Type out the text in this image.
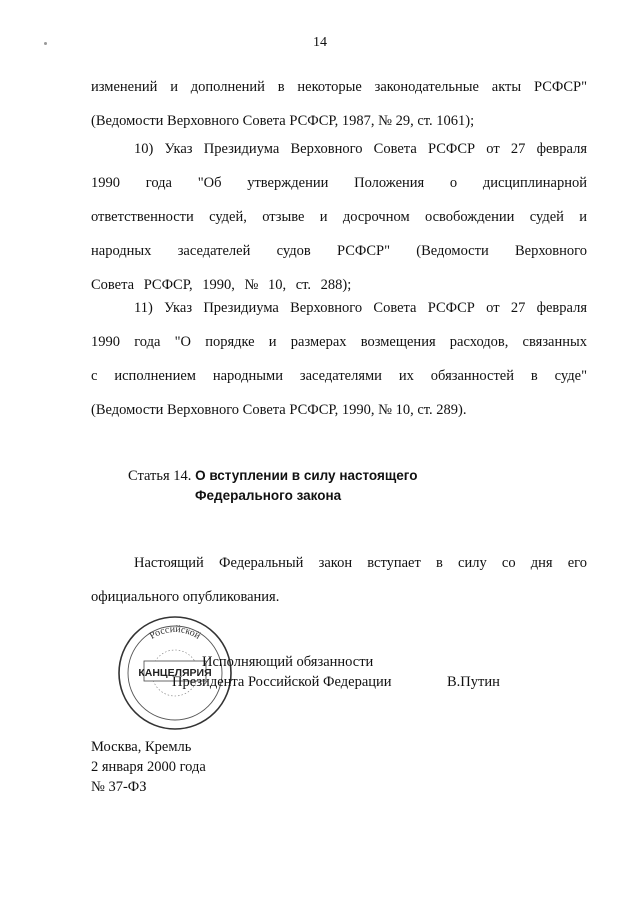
14
изменений и дополнений в некоторые законодательные акты РСФСР"
(Ведомости Верховного Совета РСФСР, 1987, № 29, ст. 1061);
10) Указ Президиума Верховного Совета РСФСР от 27 февраля
1990 года "Об утверждении Положения о дисциплинарной
ответственности судей, отзыве и досрочном освобождении судей и
народных заседателей судов РСФСР" (Ведомости Верховного
Совета РСФСР, 1990, № 10, ст. 288);
11) Указ Президиума Верховного Совета РСФСР от 27 февраля
1990 года "О порядке и размерах возмещения расходов, связанных
с исполнением народными заседателями их обязанностей в суде"
(Ведомости Верховного Совета РСФСР, 1990, № 10, ст. 289).
Статья 14. О вступлении в силу настоящего
Федерального закона
Настоящий Федеральный закон вступает в силу со дня его
официального опубликования.
Российской
КАНЦЕЛЯРИЯ
Исполняющий обязанности
Президента Российской Федерации	В.Путин
Москва, Кремль
2 января 2000 года
№ 37-ФЗ
